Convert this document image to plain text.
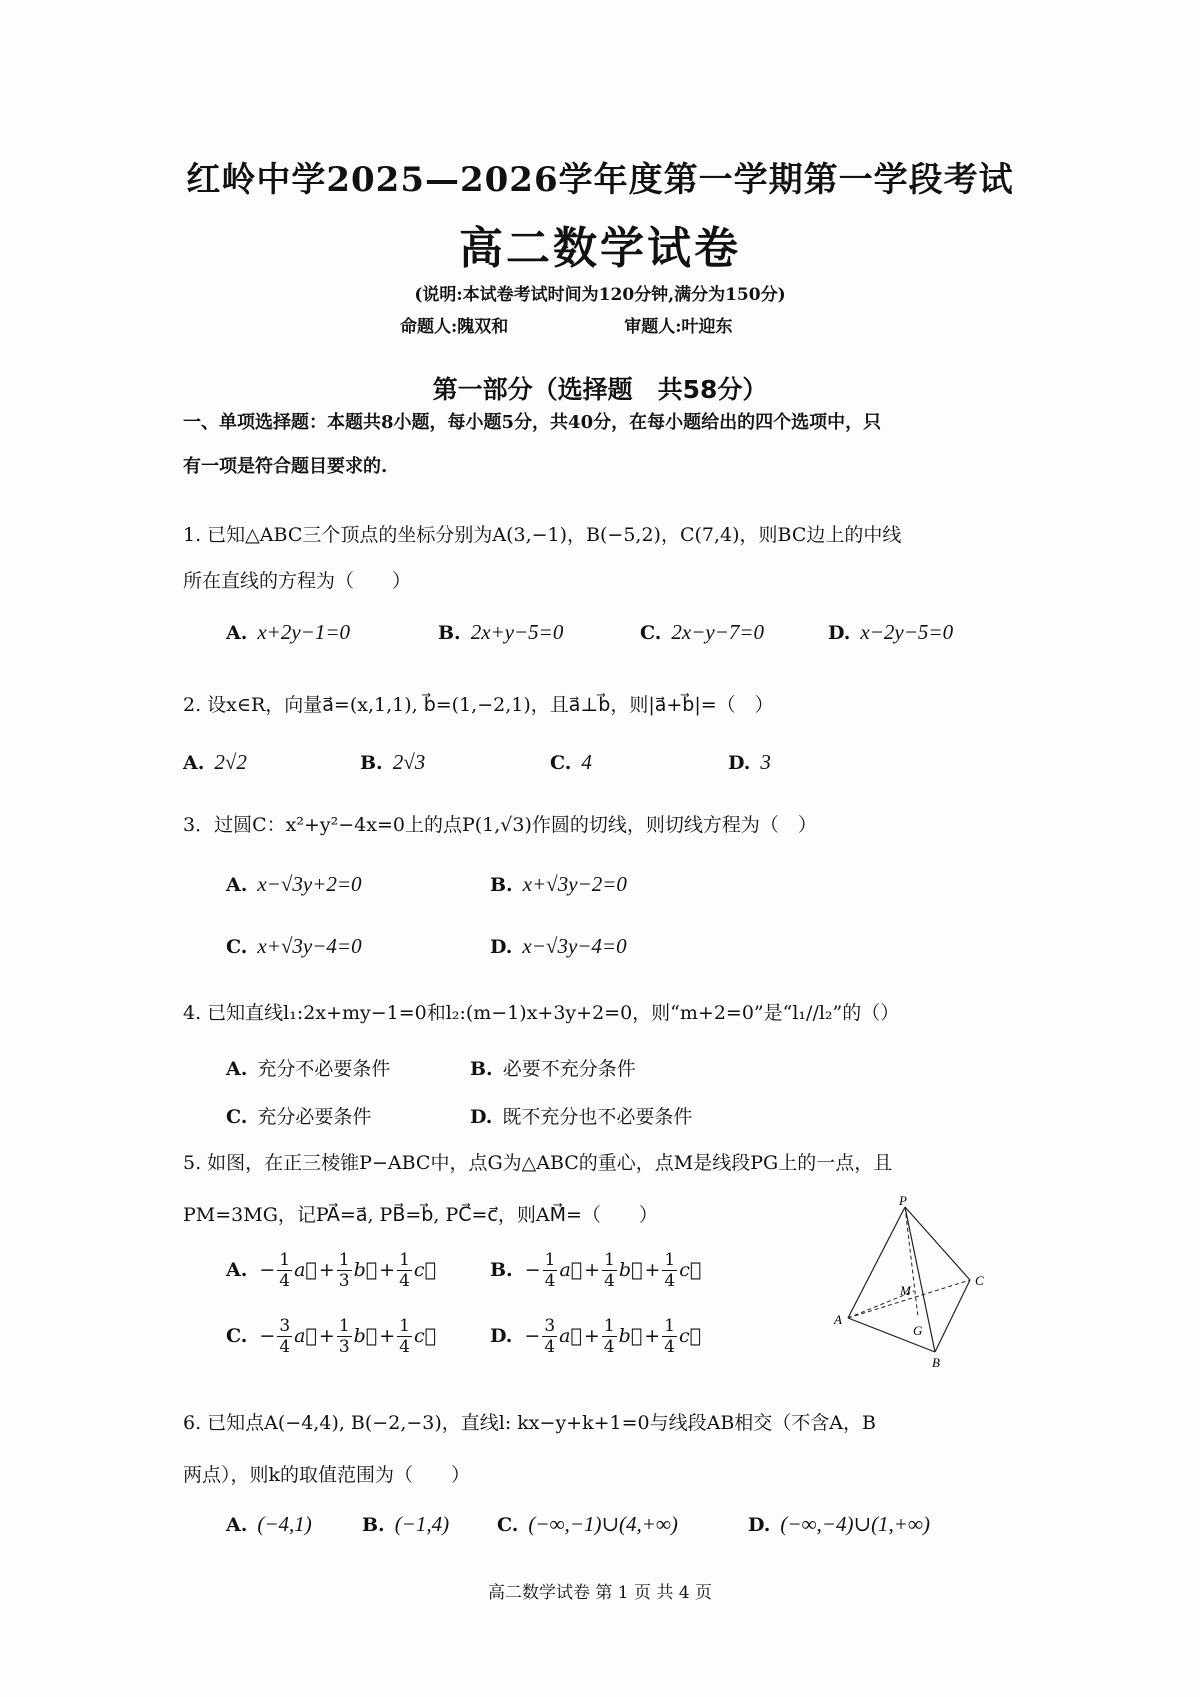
红岭中学2025—2026学年度第一学期第一学段考试
高二数学试卷
(说明:本试卷考试时间为120分钟,满分为150分)
命题人:隗双和	审题人:叶迎东
第一部分（选择题　共58分）
一、单项选择题：本题共8小题，每小题5分，共40分，在每小题给出的四个选项中，只
有一项是符合题目要求的.
1. 已知△ABC三个顶点的坐标分别为A(3,−1)，B(−5,2)，C(7,4)，则BC边上的中线
所在直线的方程为（　　）
A. x+2y−1=0	B. 2x+y−5=0	C. 2x−y−7=0	D. x−2y−5=0
2. 设x∈R，向量a⃗=(x,1,1), b⃗=(1,−2,1)，且a⃗⊥b⃗，则|a⃗+b⃗|=（　）
A. 2√2	B. 2√3	C. 4	D. 3
3．过圆C：x²+y²−4x=0上的点P(1,√3)作圆的切线，则切线方程为（　）
A. x−√3y+2=0	B. x+√3y−2=0
C. x+√3y−4=0	D. x−√3y−4=0
4. 已知直线l₁:2x+my−1=0和l₂:(m−1)x+3y+2=0，则“m+2=0”是“l₁//l₂”的（）
A. 充分不必要条件	B. 必要不充分条件
C. 充分必要条件	D. 既不充分也不必要条件
5. 如图，在正三棱锥P−ABC中，点G为△ABC的重心，点M是线段PG上的一点，且
PM=3MG，记PA⃗=a⃗, PB⃗=b⃗, PC⃗=c⃗，则AM⃗=（　　）
A. − $\frac{1}{4}$ a⃗ + $\frac{1}{3}$ b⃗ + $\frac{1}{4}$ c⃗	B. − $\frac{1}{4}$ a⃗ + $\frac{1}{4}$ b⃗ + $\frac{1}{4}$ c⃗
C. − $\frac{3}{4}$ a⃗ + $\frac{1}{3}$ b⃗ + $\frac{1}{4}$ c⃗	D. − $\frac{3}{4}$ a⃗ + $\frac{1}{4}$ b⃗ + $\frac{1}{4}$ c⃗
P
A
B
C
M
G
6. 已知点A(−4,4), B(−2,−3)，直线l: kx−y+k+1=0与线段AB相交（不含A，B
两点），则k的取值范围为（　　）
A. (−4,1)	B. (−1,4)	C. (−∞,−1)∪(4,+∞)	D. (−∞,−4)∪(1,+∞)
高二数学试卷 第 1 页 共 4 页
